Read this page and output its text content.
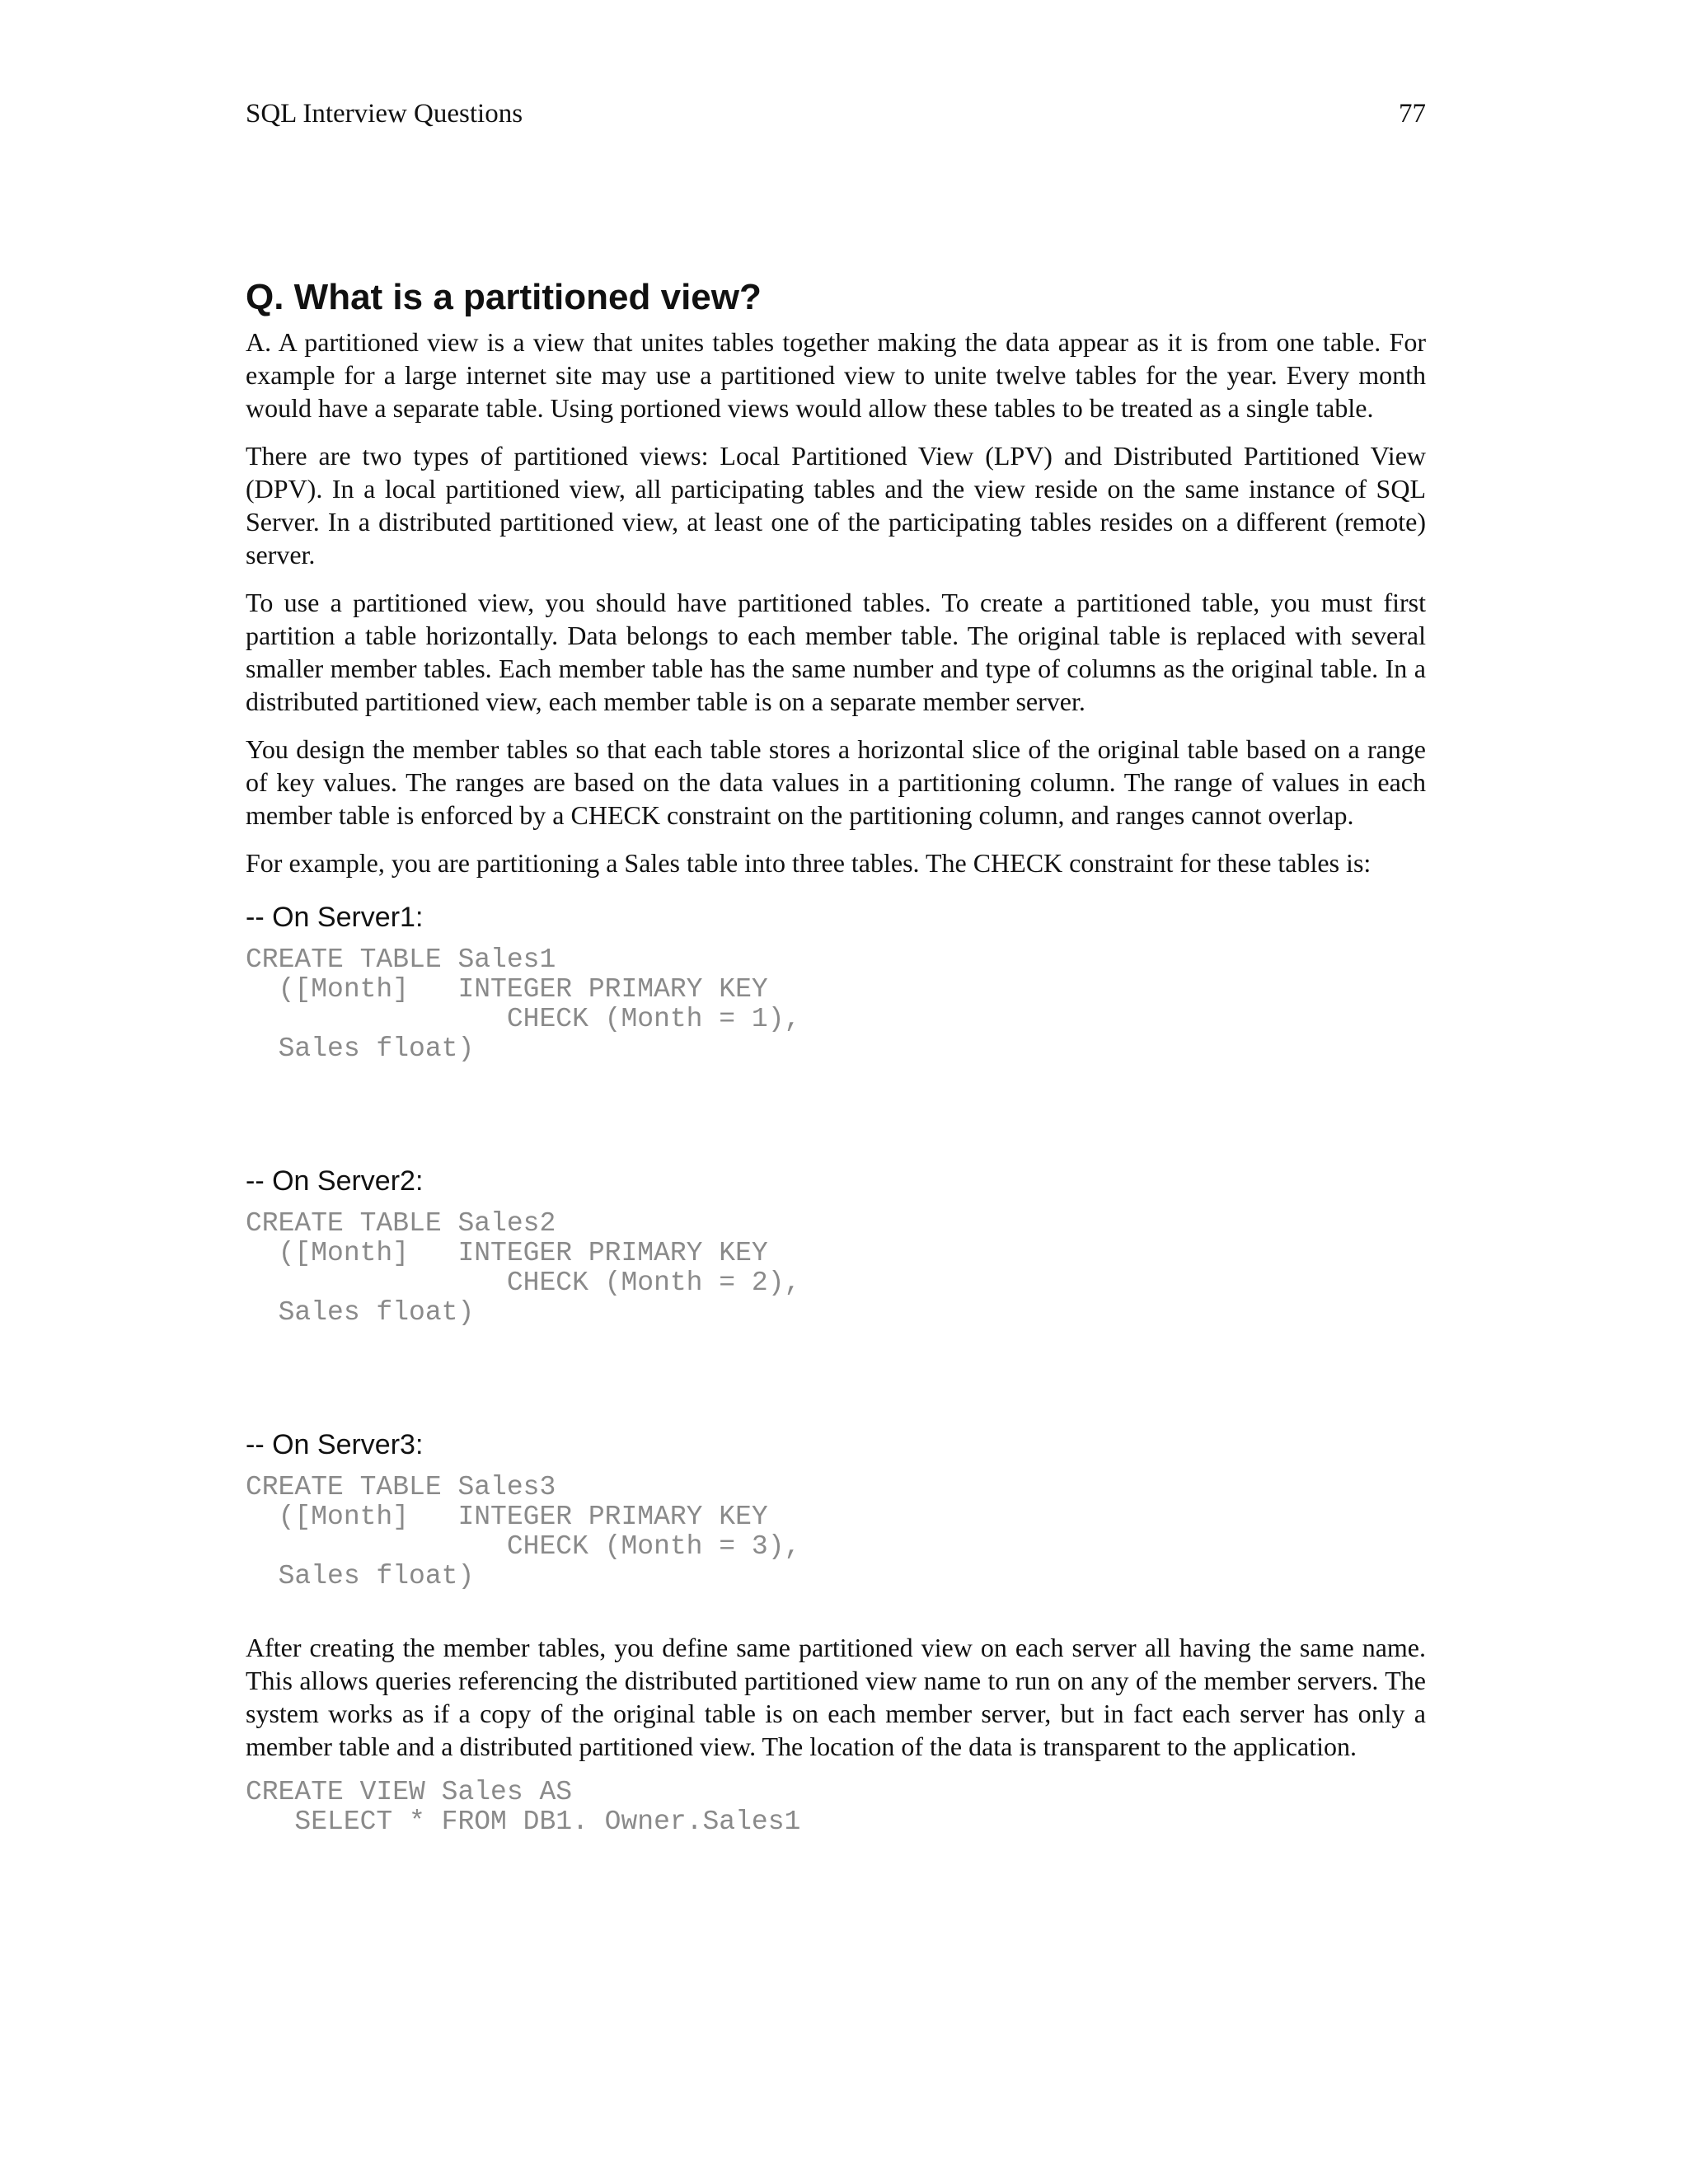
SQL Interview Questions	77
Q. What is a partitioned view?

A. A partitioned view is a view that unites tables together making the data appear as it is from one table. For example for a large internet site may use a partitioned view to unite twelve tables for the year. Every month would have a separate table. Using portioned views would allow these tables to be treated as a single table.

There are two types of partitioned views: Local Partitioned View (LPV) and Distributed Partitioned View (DPV). In a local partitioned view, all participating tables and the view reside on the same instance of SQL Server. In a distributed partitioned view, at least one of the participating tables resides on a different (remote) server.

To use a partitioned view, you should have partitioned tables. To create a partitioned table, you must first partition a table horizontally. Data belongs to each member table. The original table is replaced with several smaller member tables. Each member table has the same number and type of columns as the original table. In a distributed partitioned view, each member table is on a separate member server.

You design the member tables so that each table stores a horizontal slice of the original table based on a range of key values. The ranges are based on the data values in a partitioning column. The range of values in each member table is enforced by a CHECK constraint on the partitioning column, and ranges cannot overlap.

For example, you are partitioning a Sales table into three tables. The CHECK constraint for these tables is:

-- On Server1:
CREATE TABLE Sales1
([Month]   INTEGER PRIMARY KEY
CHECK (Month = 1),
Sales float)
-- On Server2:
CREATE TABLE Sales2
([Month]   INTEGER PRIMARY KEY
CHECK (Month = 2),
Sales float)
-- On Server3:
CREATE TABLE Sales3
([Month]   INTEGER PRIMARY KEY
CHECK (Month = 3),
Sales float)

After creating the member tables, you define same partitioned view on each server all having the same name. This allows queries referencing the distributed partitioned view name to run on any of the member servers. The system works as if a copy of the original table is on each member server, but in fact each server has only a member table and a distributed partitioned view. The location of the data is transparent to the application.

CREATE VIEW Sales AS
SELECT * FROM DB1. Owner.Sales1
